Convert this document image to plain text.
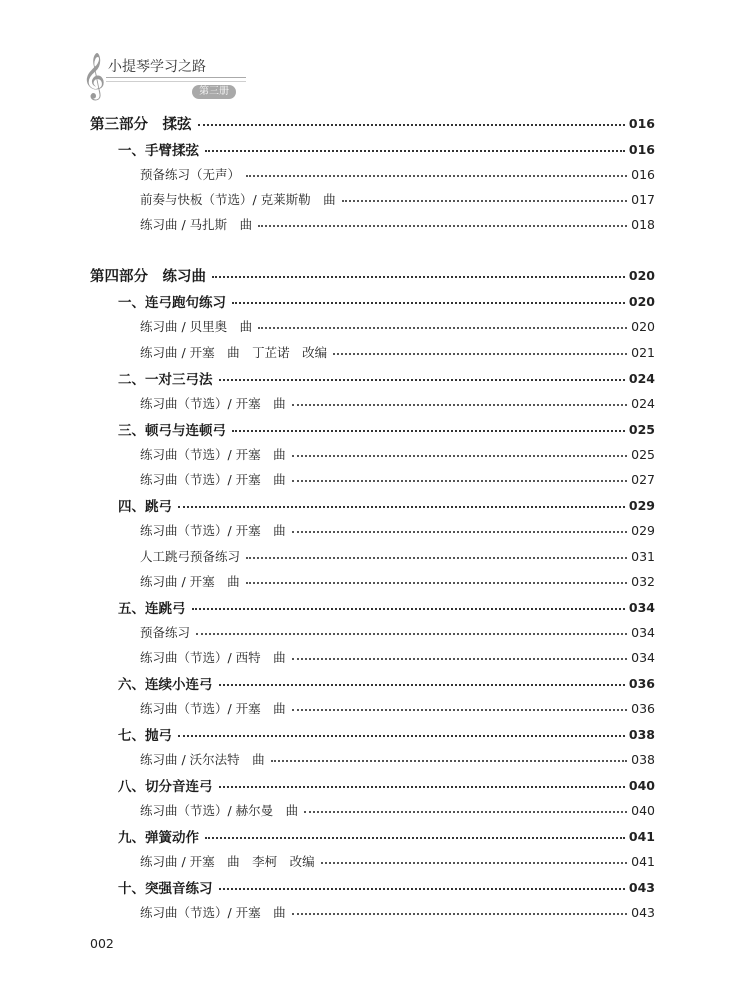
𝄞 小提琴学习之路
第三册
第三部分　揉弦	016
一、手臂揉弦	016
预备练习（无声）	016
前奏与快板（节选）/ 克莱斯勒　曲	017
练习曲 / 马扎斯　曲	018
第四部分　练习曲	020
一、连弓跑句练习	020
练习曲 / 贝里奥　曲	020
练习曲 / 开塞　曲　丁芷诺　改编	021
二、一对三弓法	024
练习曲（节选）/ 开塞　曲	024
三、顿弓与连顿弓	025
练习曲（节选）/ 开塞　曲	025
练习曲（节选）/ 开塞　曲	027
四、跳弓	029
练习曲（节选）/ 开塞　曲	029
人工跳弓预备练习	031
练习曲 / 开塞　曲	032
五、连跳弓	034
预备练习	034
练习曲（节选）/ 西特　曲	034
六、连续小连弓	036
练习曲（节选）/ 开塞　曲	036
七、抛弓	038
练习曲 / 沃尔法特　曲	038
八、切分音连弓	040
练习曲（节选）/ 赫尔曼　曲	040
九、弹簧动作	041
练习曲 / 开塞　曲　李柯　改编	041
十、突强音练习	043
练习曲（节选）/ 开塞　曲	043
002
